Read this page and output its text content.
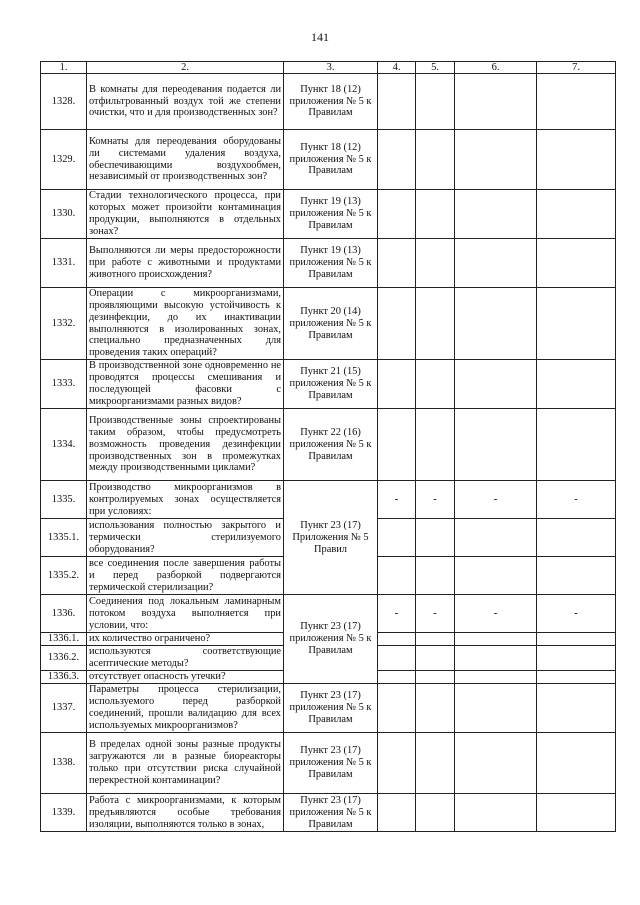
141
1.	2.	3.	4.	5.	6.	7.
1328.	В комнаты для переодевания подается ли отфильтрованный воздух той же степени очистки, что и для производственных зон?	Пункт 18 (12) приложения № 5 к Правилам				
1329.	Комнаты для переодевания оборудованы ли системами удаления воздуха, обеспечивающими воздухообмен, независимый от производственных зон?	Пункт 18 (12) приложения № 5 к Правилам				
1330.	Стадии технологического процесса, при которых может произойти контаминация продукции, выполняются в отдельных зонах?	Пункт 19 (13) приложения № 5 к Правилам				
1331.	Выполняются ли меры предосторожности при работе с животными и продуктами животного происхождения?	Пункт 19 (13) приложения № 5 к Правилам				
1332.	Операции с микроорганизмами, проявляющими высокую устойчивость к дезинфекции, до их инактивации выполняются в изолированных зонах, специально предназначенных для проведения таких операций?	Пункт 20 (14) приложения № 5 к Правилам				
1333.	В производственной зоне одновременно не проводятся процессы смешивания и последующей фасовки с микроорганизмами разных видов?	Пункт 21 (15) приложения № 5 к Правилам				
1334.	Производственные зоны спроектированы таким образом, чтобы предусмотреть возможность проведения дезинфекции производственных зон в промежутках между производственными циклами?	Пункт 22 (16) приложения № 5 к Правилам				
1335.	Производство микроорганизмов в контролируемых зонах осуществляется при условиях:	Пункт 23 (17) Приложения № 5 Правил	-	-	-	-
1335.1.	использования полностью закрытого и термически стерилизуемого оборудования?					
1335.2.	все соединения после завершения работы и перед разборкой подвергаются термической стерилизации?					
1336.	Соединения под локальным ламинарным потоком воздуха выполняется при условии, что:	Пункт 23 (17) приложения № 5 к Правилам	-	-	-	-
1336.1.	их количество ограничено?					
1336.2.	используются соответствующие асептические методы?					
1336.3.	отсутствует опасность утечки?					
1337.	Параметры процесса стерилизации, используемого перед разборкой соединений, прошли валидацию для всех используемых микроорганизмов?	Пункт 23 (17) приложения № 5 к Правилам				
1338.	В пределах одной зоны разные продукты загружаются ли в разные биореакторы только при отсутствии риска случайной перекрестной контаминации?	Пункт 23 (17) приложения № 5 к Правилам				
1339.	Работа с микроорганизмами, к которым предъявляются особые требования изоляции, выполняются только в зонах,	Пункт 23 (17) приложения № 5 к Правилам				
